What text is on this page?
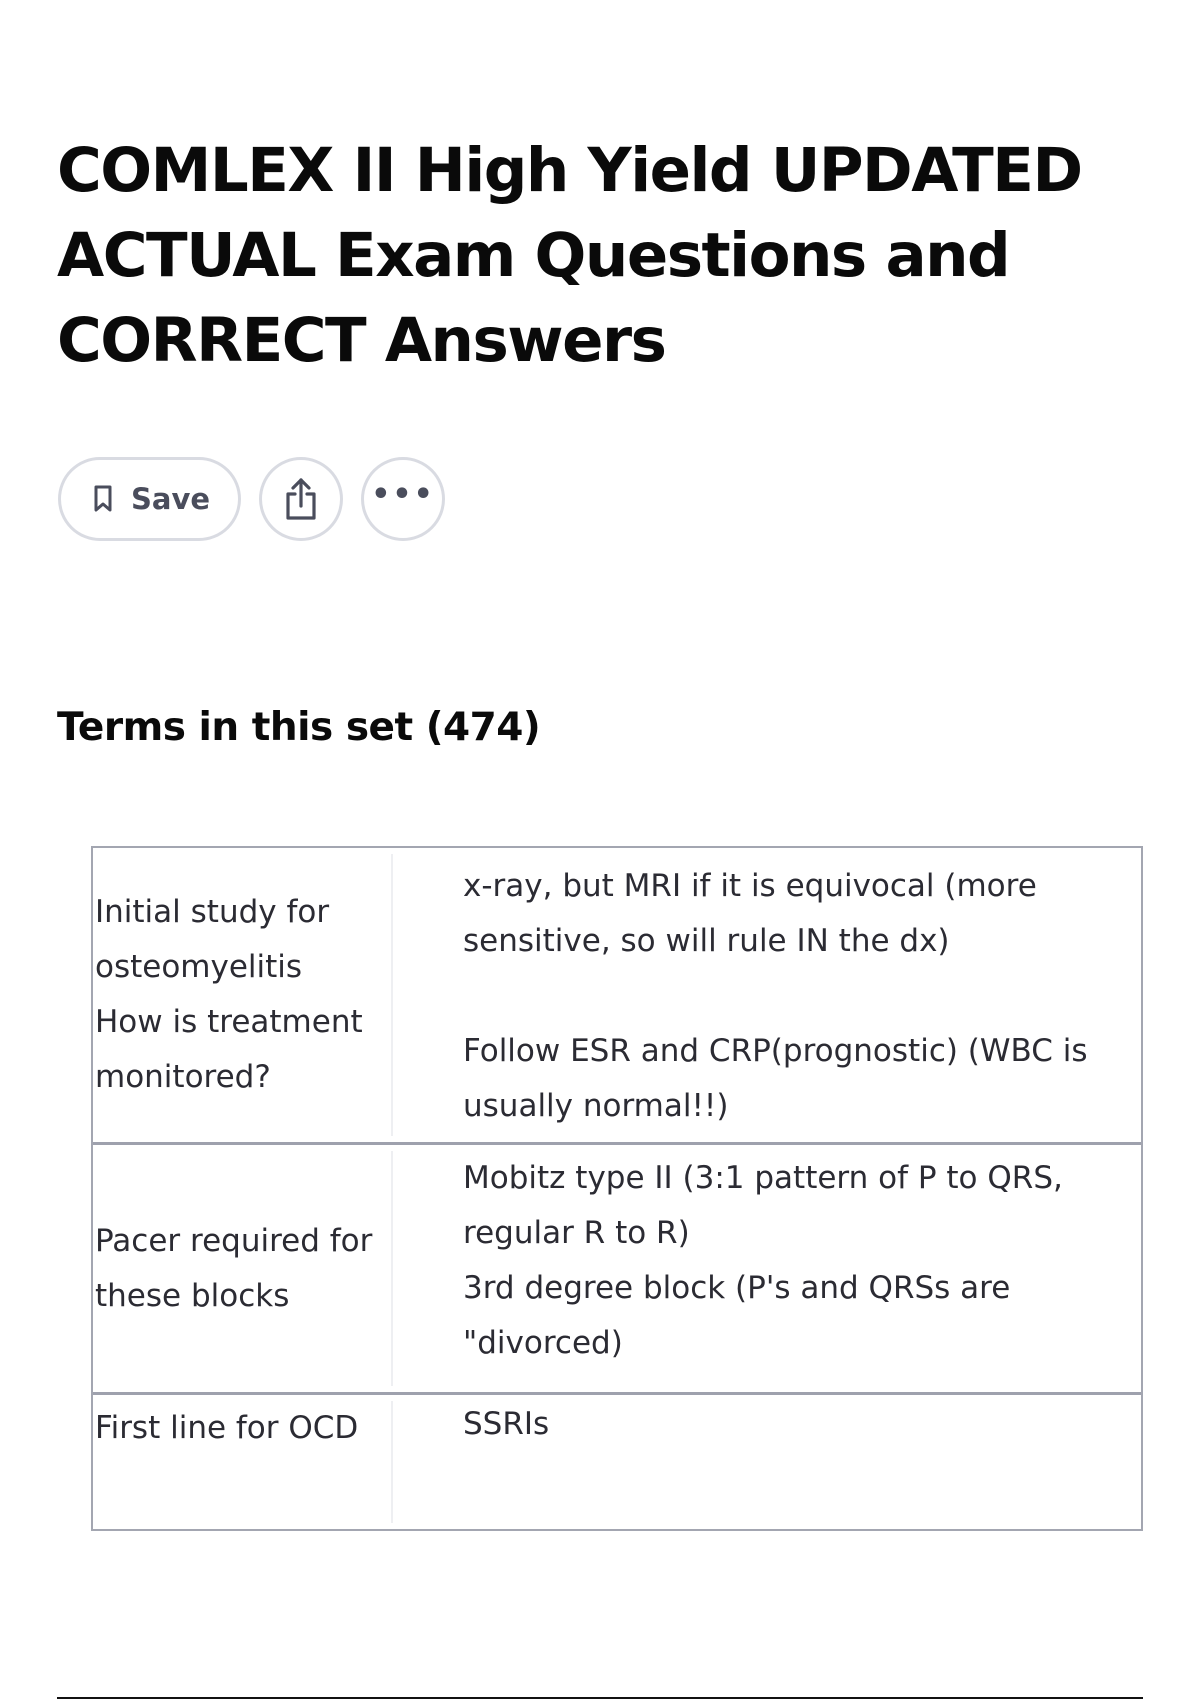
COMLEX II High Yield UPDATED ACTUAL Exam Questions and CORRECT Answers
Save	•••
Terms in this set (474)
Initial study for osteomyelitis
How is treatment monitored?
x-ray, but MRI if it is equivocal (more sensitive, so will rule IN the dx)

Follow ESR and CRP(prognostic) (WBC is usually normal!!)
Pacer required for these blocks
Mobitz type II (3:1 pattern of P to QRS, regular R to R)
3rd degree block (P's and QRSs are "divorced)
First line for OCD	SSRIs
